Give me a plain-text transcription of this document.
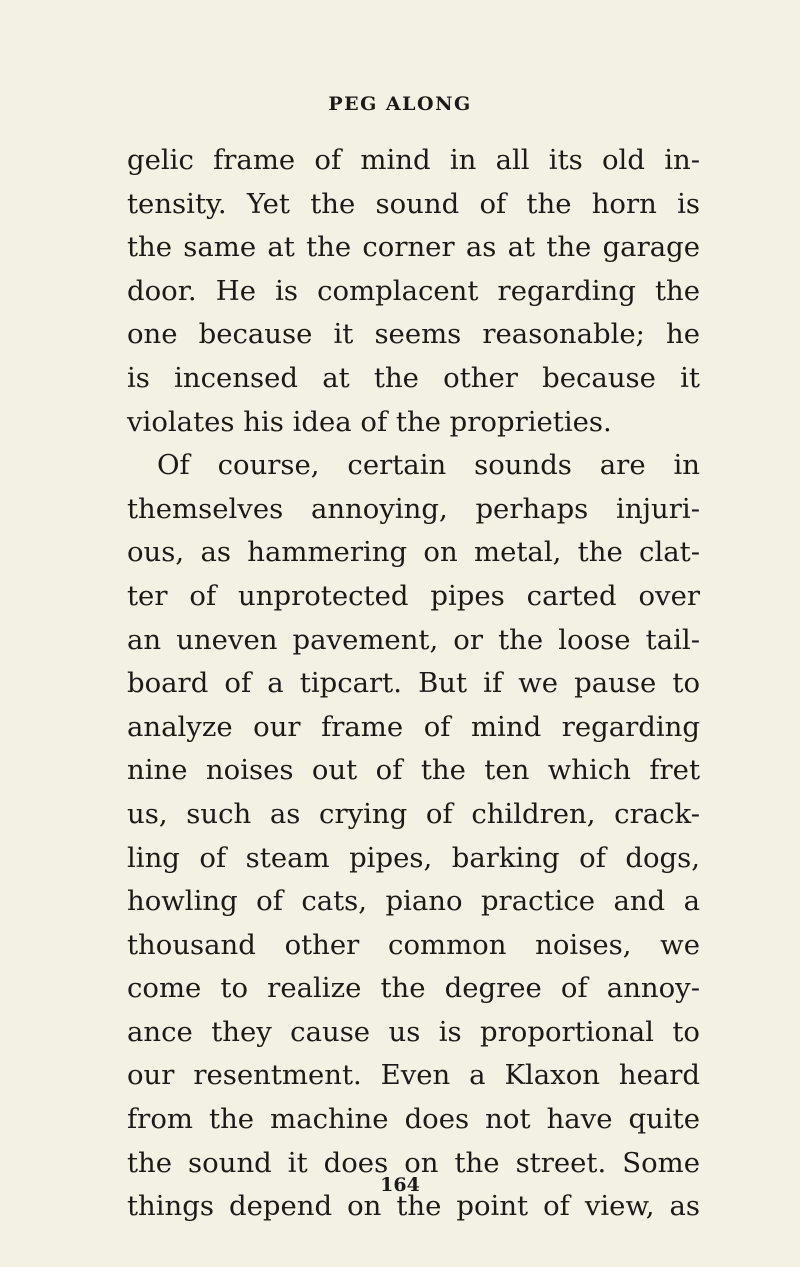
PEG ALONG
gelic frame of mind in all its old in-
tensity. Yet the sound of the horn is
the same at the corner as at the garage
door. He is complacent regarding the
one because it seems reasonable; he
is incensed at the other because it
violates his idea of the proprieties.
Of course, certain sounds are in
themselves annoying, perhaps injuri-
ous, as hammering on metal, the clat-
ter of unprotected pipes carted over
an uneven pavement, or the loose tail-
board of a tipcart. But if we pause to
analyze our frame of mind regarding
nine noises out of the ten which fret
us, such as crying of children, crack-
ling of steam pipes, barking of dogs,
howling of cats, piano practice and a
thousand other common noises, we
come to realize the degree of annoy-
ance they cause us is proportional to
our resentment. Even a Klaxon heard
from the machine does not have quite
the sound it does on the street. Some
things depend on the point of view, as
164
